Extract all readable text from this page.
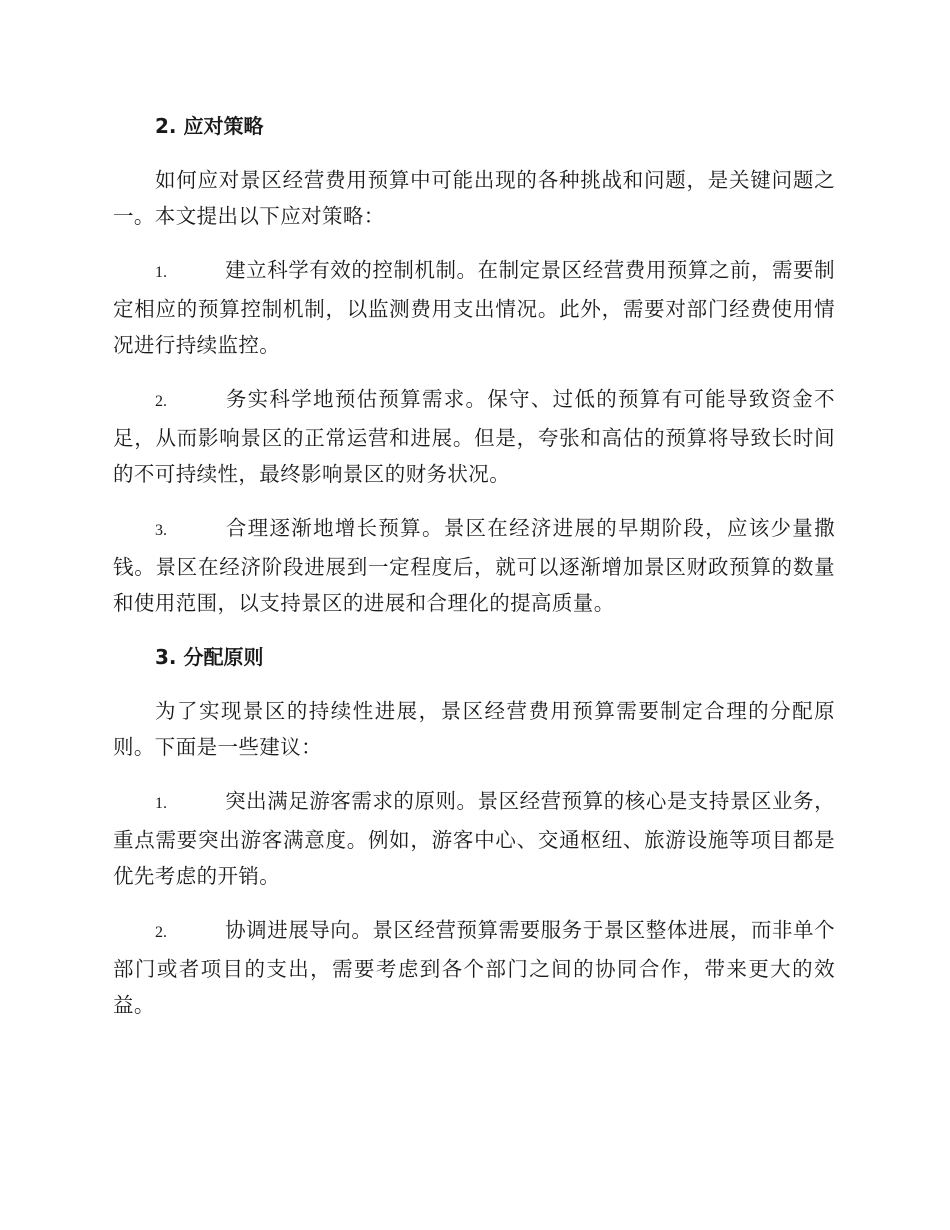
2. 应对策略

如何应对景区经营费用预算中可能出现的各种挑战和问题，是关键问题之一。本文提出以下应对策略：

1.	建立科学有效的控制机制。在制定景区经营费用预算之前，需要制定相应的预算控制机制，以监测费用支出情况。此外，需要对部门经费使用情况进行持续监控。

2.	务实科学地预估预算需求。保守、过低的预算有可能导致资金不足，从而影响景区的正常运营和进展。但是，夸张和高估的预算将导致长时间的不可持续性，最终影响景区的财务状况。

3.	合理逐渐地增长预算。景区在经济进展的早期阶段，应该少量撒钱。景区在经济阶段进展到一定程度后，就可以逐渐增加景区财政预算的数量和使用范围，以支持景区的进展和合理化的提高质量。

3. 分配原则

为了实现景区的持续性进展，景区经营费用预算需要制定合理的分配原则。下面是一些建议：

1.	突出满足游客需求的原则。景区经营预算的核心是支持景区业务，重点需要突出游客满意度。例如，游客中心、交通枢纽、旅游设施等项目都是优先考虑的开销。

2.	协调进展导向。景区经营预算需要服务于景区整体进展，而非单个部门或者项目的支出，需要考虑到各个部门之间的协同合作，带来更大的效益。
